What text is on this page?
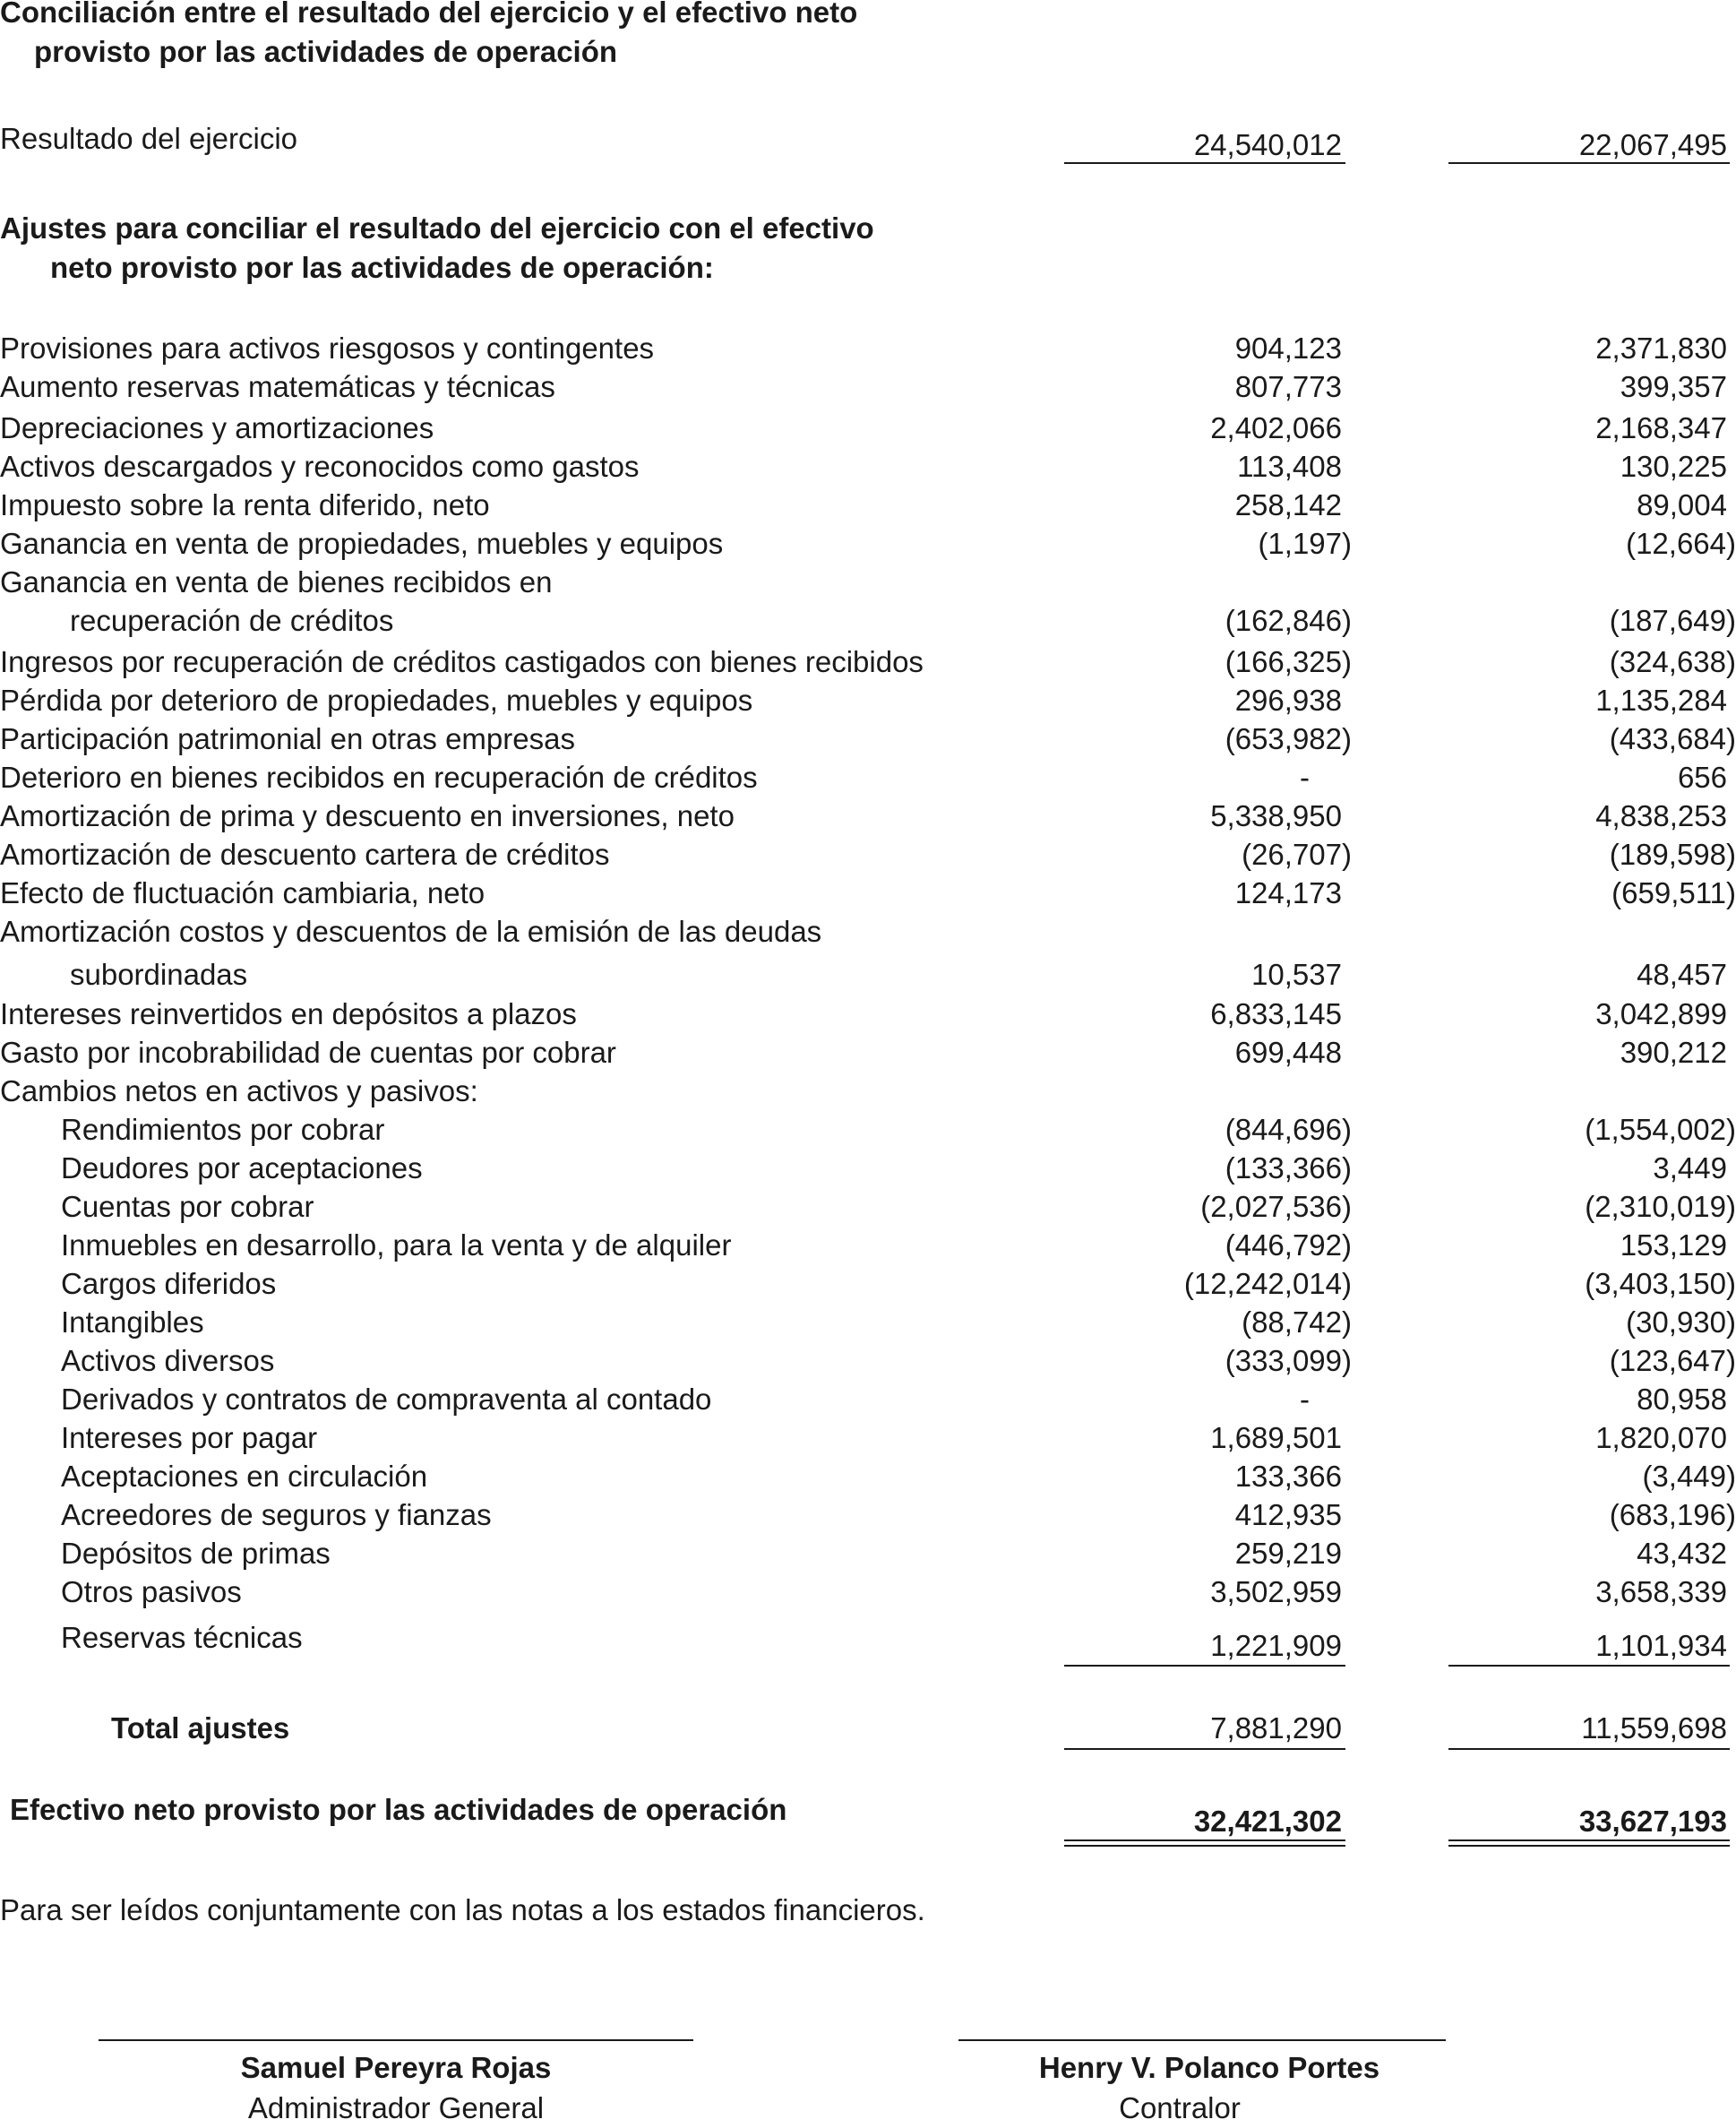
Conciliación entre el resultado del ejercicio y el efectivo neto
provisto por las actividades de operación
Resultado del ejercicio	24,540,012	22,067,495
Ajustes para conciliar el resultado del ejercicio con el efectivo
neto provisto por las actividades de operación:
Provisiones para activos riesgosos y contingentes	904,123	2,371,830
Aumento reservas matemáticas y técnicas	807,773	399,357
Depreciaciones y amortizaciones	2,402,066	2,168,347
Activos descargados y reconocidos como gastos	113,408	130,225
Impuesto sobre la renta diferido, neto	258,142	89,004
Ganancia en venta de propiedades, muebles y equipos	(1,197)	(12,664)
Ganancia en venta de bienes recibidos en
recuperación de créditos	(162,846)	(187,649)
Ingresos por recuperación de créditos castigados con bienes recibidos	(166,325)	(324,638)
Pérdida por deterioro de propiedades, muebles y equipos	296,938	1,135,284
Participación patrimonial en otras empresas	(653,982)	(433,684)
Deterioro en bienes recibidos en recuperación de créditos	-	656
Amortización de prima y descuento en inversiones, neto	5,338,950	4,838,253
Amortización de descuento cartera de créditos	(26,707)	(189,598)
Efecto de fluctuación cambiaria, neto	124,173	(659,511)
Amortización costos y descuentos de la emisión de las deudas
subordinadas	10,537	48,457
Intereses reinvertidos en depósitos a plazos	6,833,145	3,042,899
Gasto por incobrabilidad de cuentas por cobrar	699,448	390,212
Cambios netos en activos y pasivos:
Rendimientos por cobrar	(844,696)	(1,554,002)
Deudores por aceptaciones	(133,366)	3,449
Cuentas por cobrar	(2,027,536)	(2,310,019)
Inmuebles en desarrollo, para la venta y de alquiler	(446,792)	153,129
Cargos diferidos	(12,242,014)	(3,403,150)
Intangibles	(88,742)	(30,930)
Activos diversos	(333,099)	(123,647)
Derivados y contratos de compraventa al contado	-	80,958
Intereses por pagar	1,689,501	1,820,070
Aceptaciones en circulación	133,366	(3,449)
Acreedores de seguros y fianzas	412,935	(683,196)
Depósitos de primas	259,219	43,432
Otros pasivos	3,502,959	3,658,339
Reservas técnicas	1,221,909	1,101,934
Total ajustes	7,881,290	11,559,698
Efectivo neto provisto por las actividades de operación	32,421,302	33,627,193
Para ser leídos conjuntamente con las notas a los estados financieros.
Samuel Pereyra Rojas
Administrador General
Henry V. Polanco Portes
Contralor
